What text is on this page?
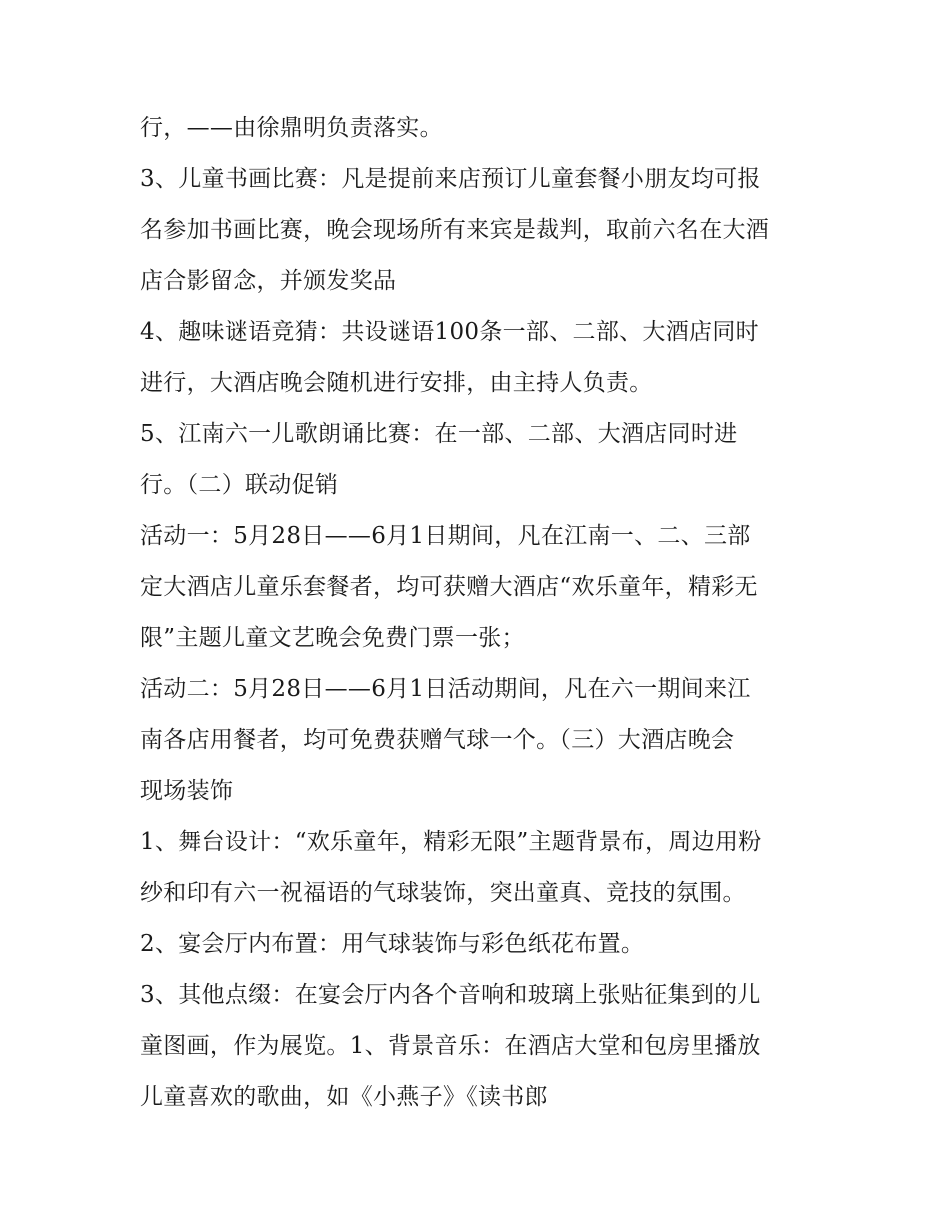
行，——由徐鼎明负责落实。
3、儿童书画比赛：凡是提前来店预订儿童套餐小朋友均可报
名参加书画比赛，晚会现场所有来宾是裁判，取前六名在大酒
店合影留念，并颁发奖品
4、趣味谜语竞猜：共设谜语100条一部、二部、大酒店同时
进行，大酒店晚会随机进行安排，由主持人负责。
5、江南六一儿歌朗诵比赛：在一部、二部、大酒店同时进
行。（二）联动促销
活动一：5月28日——6月1日期间，凡在江南一、二、三部
定大酒店儿童乐套餐者，均可获赠大酒店“欢乐童年，精彩无
限”主题儿童文艺晚会免费门票一张；
活动二：5月28日——6月1日活动期间，凡在六一期间来江
南各店用餐者，均可免费获赠气球一个。（三）大酒店晚会
现场装饰
1、舞台设计：“欢乐童年，精彩无限”主题背景布，周边用粉
纱和印有六一祝福语的气球装饰，突出童真、竞技的氛围。
2、宴会厅内布置：用气球装饰与彩色纸花布置。
3、其他点缀：在宴会厅内各个音响和玻璃上张贴征集到的儿
童图画，作为展览。1、背景音乐：在酒店大堂和包房里播放
儿童喜欢的歌曲，如《小燕子》《读书郎
